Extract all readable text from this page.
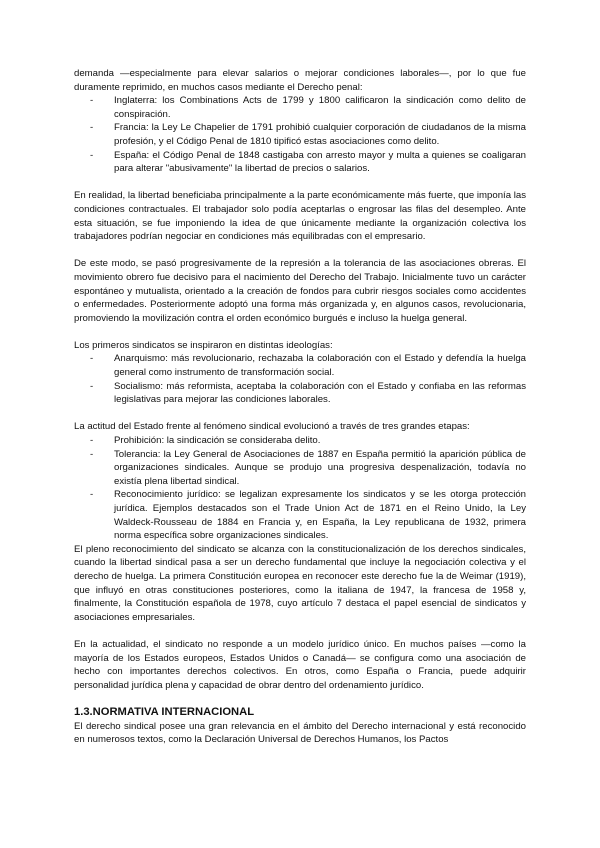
demanda —especialmente para elevar salarios o mejorar condiciones laborales—, por lo que fue duramente reprimido, en muchos casos mediante el Derecho penal:

- Inglaterra: los Combinations Acts de 1799 y 1800 calificaron la sindicación como delito de conspiración.
- Francia: la Ley Le Chapelier de 1791 prohibió cualquier corporación de ciudadanos de la misma profesión, y el Código Penal de 1810 tipificó estas asociaciones como delito.
- España: el Código Penal de 1848 castigaba con arresto mayor y multa a quienes se coaligaran para alterar "abusivamente" la libertad de precios o salarios.

En realidad, la libertad beneficiaba principalmente a la parte económicamente más fuerte, que imponía las condiciones contractuales. El trabajador solo podía aceptarlas o engrosar las filas del desempleo. Ante esta situación, se fue imponiendo la idea de que únicamente mediante la organización colectiva los trabajadores podrían negociar en condiciones más equilibradas con el empresario.

De este modo, se pasó progresivamente de la represión a la tolerancia de las asociaciones obreras. El movimiento obrero fue decisivo para el nacimiento del Derecho del Trabajo. Inicialmente tuvo un carácter espontáneo y mutualista, orientado a la creación de fondos para cubrir riesgos sociales como accidentes o enfermedades. Posteriormente adoptó una forma más organizada y, en algunos casos, revolucionaria, promoviendo la movilización contra el orden económico burgués e incluso la huelga general.

Los primeros sindicatos se inspiraron en distintas ideologías:

- Anarquismo: más revolucionario, rechazaba la colaboración con el Estado y defendía la huelga general como instrumento de transformación social.
- Socialismo: más reformista, aceptaba la colaboración con el Estado y confiaba en las reformas legislativas para mejorar las condiciones laborales.

La actitud del Estado frente al fenómeno sindical evolucionó a través de tres grandes etapas:

- Prohibición: la sindicación se consideraba delito.
- Tolerancia: la Ley General de Asociaciones de 1887 en España permitió la aparición pública de organizaciones sindicales. Aunque se produjo una progresiva despenalización, todavía no existía plena libertad sindical.
- Reconocimiento jurídico: se legalizan expresamente los sindicatos y se les otorga protección jurídica. Ejemplos destacados son el Trade Union Act de 1871 en el Reino Unido, la Ley Waldeck-Rousseau de 1884 en Francia y, en España, la Ley republicana de 1932, primera norma específica sobre organizaciones sindicales.

El pleno reconocimiento del sindicato se alcanza con la constitucionalización de los derechos sindicales, cuando la libertad sindical pasa a ser un derecho fundamental que incluye la negociación colectiva y el derecho de huelga. La primera Constitución europea en reconocer este derecho fue la de Weimar (1919), que influyó en otras constituciones posteriores, como la italiana de 1947, la francesa de 1958 y, finalmente, la Constitución española de 1978, cuyo artículo 7 destaca el papel esencial de sindicatos y asociaciones empresariales.

En la actualidad, el sindicato no responde a un modelo jurídico único. En muchos países —como la mayoría de los Estados europeos, Estados Unidos o Canadá— se configura como una asociación de hecho con importantes derechos colectivos. En otros, como España o Francia, puede adquirir personalidad jurídica plena y capacidad de obrar dentro del ordenamiento jurídico.

1.3.NORMATIVA INTERNACIONAL

El derecho sindical posee una gran relevancia en el ámbito del Derecho internacional y está reconocido en numerosos textos, como la Declaración Universal de Derechos Humanos, los Pactos
